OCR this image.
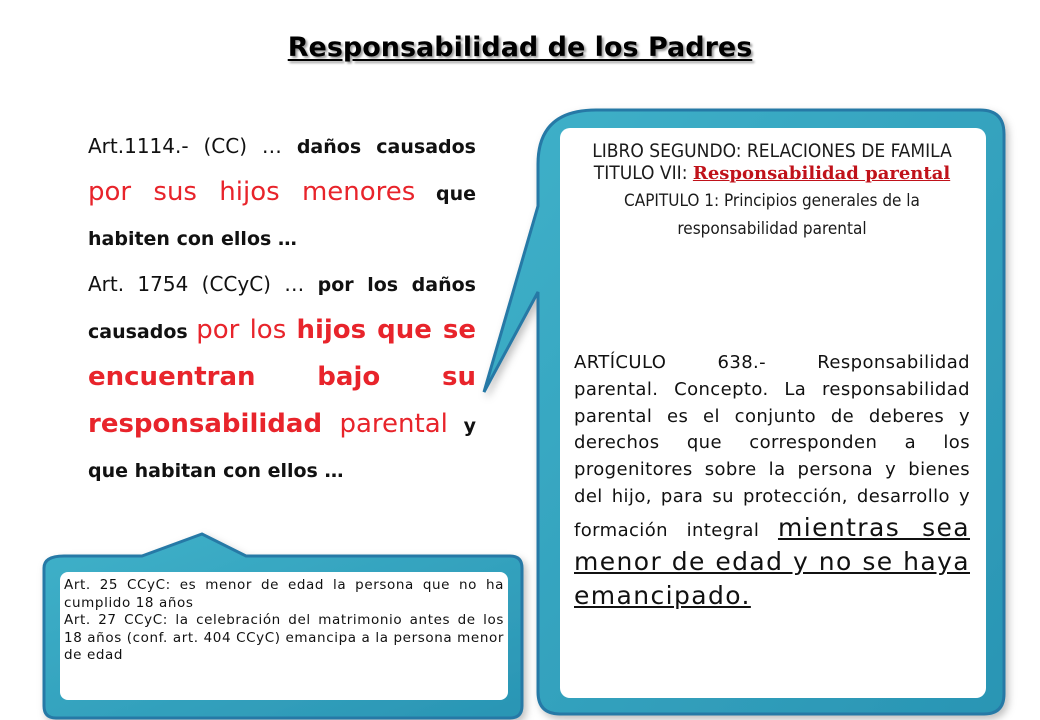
Responsabilidad de los Padres

Art.1114.- (CC) … daños causados por sus hijos menores que habiten con ellos …

Art. 1754 (CCyC) … por los daños causados por los hijos que se encuentran bajo su responsabilidad parental y que habitan con ellos …

LIBRO SEGUNDO: RELACIONES DE FAMILA
TITULO VII: Responsabilidad parental
CAPITULO 1: Principios generales de la responsabilidad parental
ARTÍCULO 638.- Responsabilidad parental. Concepto. La responsabilidad parental es el conjunto de deberes y derechos que corresponden a los progenitores sobre la persona y bienes del hijo, para su protección, desarrollo y formación integral mientras sea menor de edad y no se haya emancipado.

Art. 25 CCyC: es menor de edad la persona que no ha cumplido 18 años

Art. 27 CCyC: la celebración del matrimonio antes de los 18 años (conf. art. 404 CCyC) emancipa a la persona menor de edad
